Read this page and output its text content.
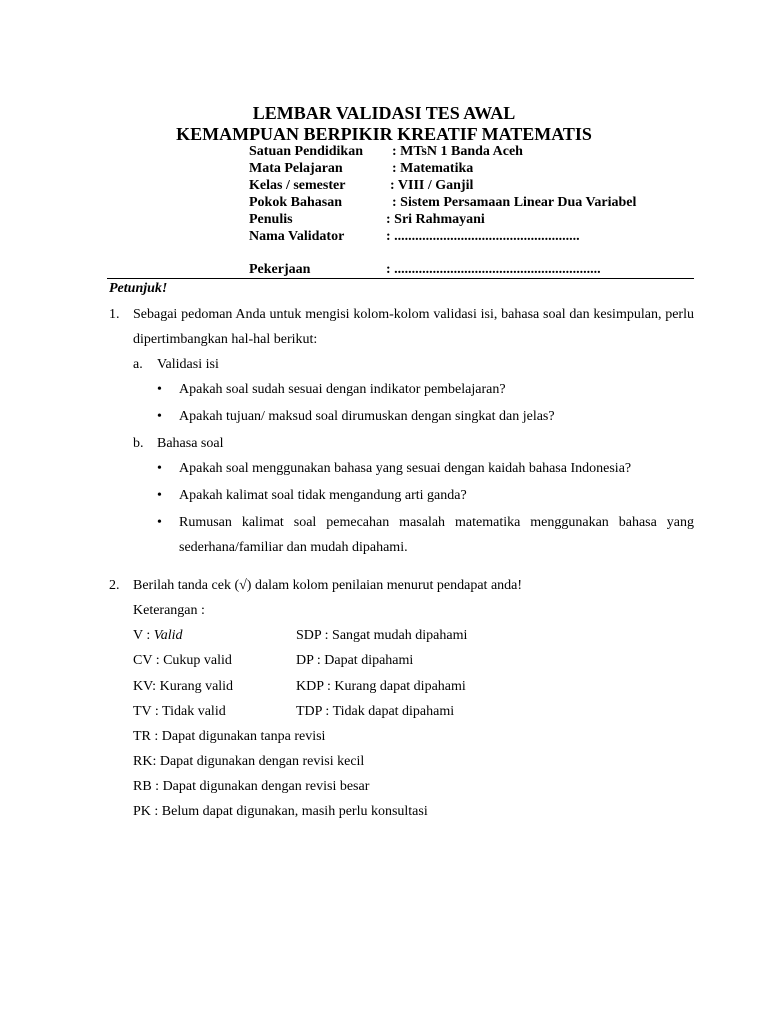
LEMBAR VALIDASI TES AWAL
KEMAMPUAN BERPIKIR KREATIF MATEMATIS
Satuan Pendidikan : MTsN 1 Banda Aceh
Mata Pelajaran	: Matematika
Kelas / semester	: VIII / Ganjil
Pokok Bahasan	: Sistem Persamaan Linear Dua Variabel
Penulis	: Sri Rahmayani
Nama Validator	: .....................................................
Pekerjaan	: ...........................................................
Petunjuk!
1. Sebagai pedoman Anda untuk mengisi kolom-kolom validasi isi, bahasa soal dan kesimpulan, perlu dipertimbangkan hal-hal berikut:
a. Validasi isi
•	Apakah soal sudah sesuai dengan indikator pembelajaran?
•	Apakah tujuan/ maksud soal dirumuskan dengan singkat dan jelas?
b. Bahasa soal
•	Apakah soal menggunakan bahasa yang sesuai dengan kaidah bahasa Indonesia?
•	Apakah kalimat soal tidak mengandung arti ganda?
•	Rumusan kalimat soal pemecahan masalah matematika menggunakan bahasa yang sederhana/familiar dan mudah dipahami.
2. Berilah tanda cek (√) dalam kolom penilaian menurut pendapat anda!
Keterangan :
V : Valid	SDP : Sangat mudah dipahami
CV : Cukup valid	DP : Dapat dipahami
KV: Kurang valid	KDP : Kurang dapat dipahami
TV : Tidak valid	TDP : Tidak dapat dipahami
TR : Dapat digunakan tanpa revisi
RK: Dapat digunakan dengan revisi kecil
RB : Dapat digunakan dengan revisi besar
PK : Belum dapat digunakan, masih perlu konsultasi
